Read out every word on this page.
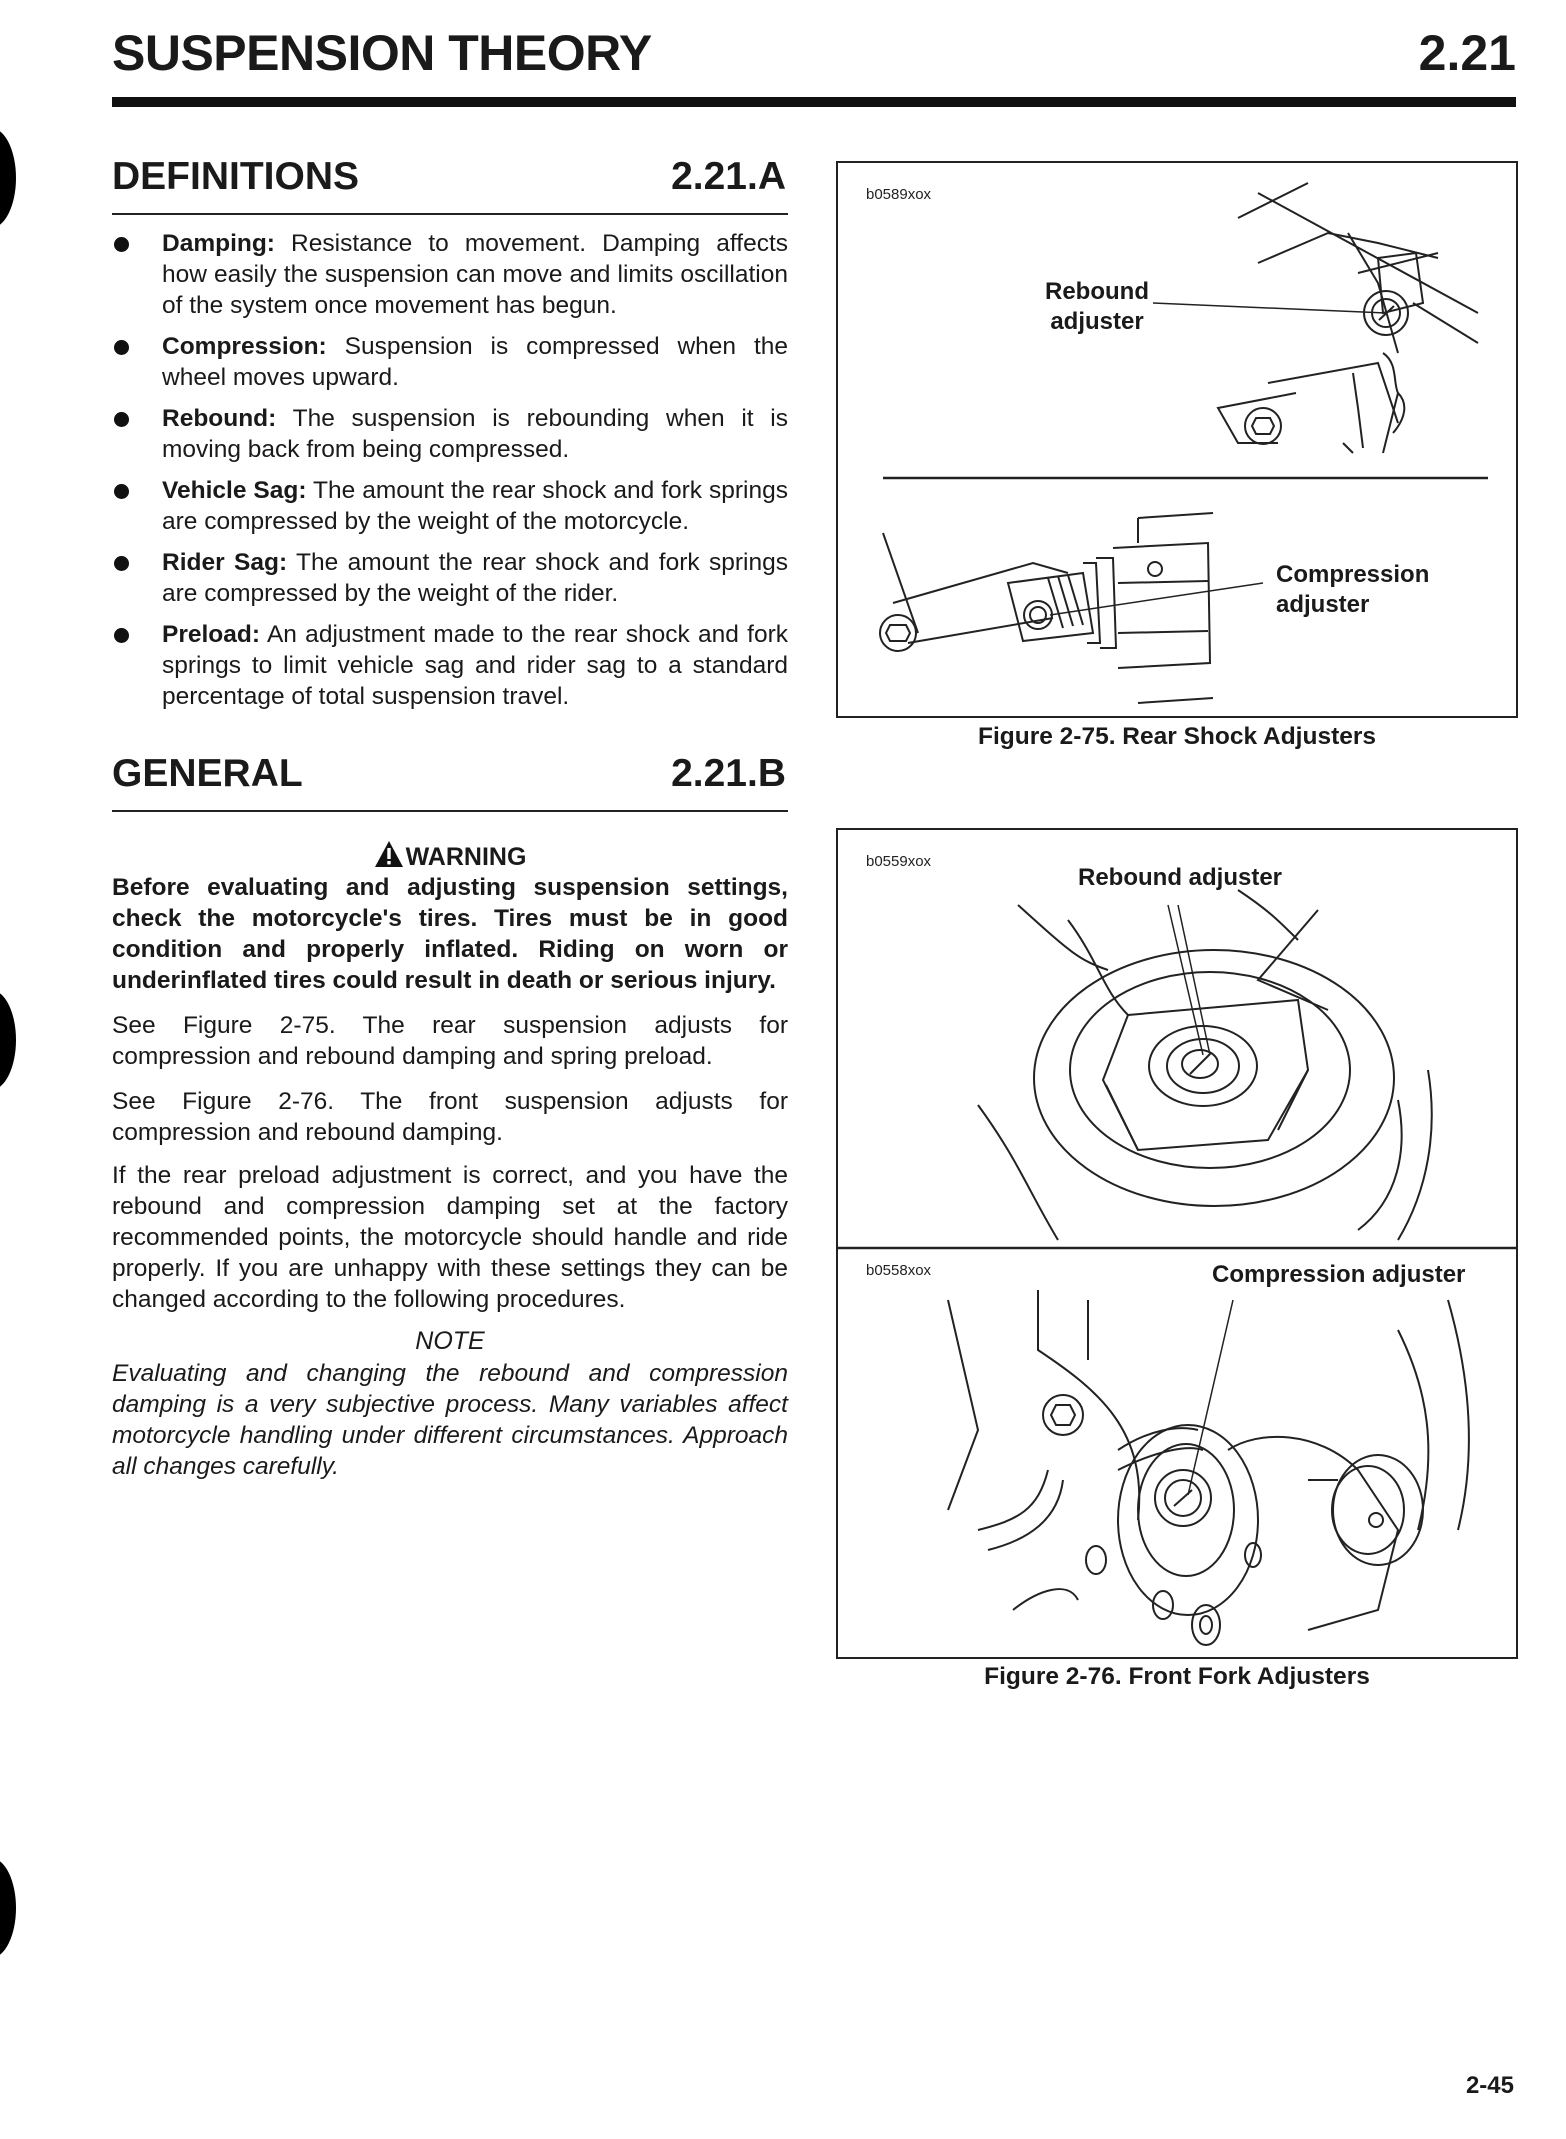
SUSPENSION THEORY	2.21
DEFINITIONS	2.21.A
Damping: Resistance to movement. Damping affects how easily the suspension can move and limits oscillation of the system once movement has begun.
Compression: Suspension is compressed when the wheel moves upward.
Rebound: The suspension is rebounding when it is moving back from being compressed.
Vehicle Sag: The amount the rear shock and fork springs are compressed by the weight of the motorcycle.
Rider Sag: The amount the rear shock and fork springs are compressed by the weight of the rider.
Preload: An adjustment made to the rear shock and fork springs to limit vehicle sag and rider sag to a standard percentage of total suspension travel.
GENERAL	2.21.B
WARNING
Before evaluating and adjusting suspension settings, check the motorcycle's tires. Tires must be in good condition and properly inflated. Riding on worn or underinflated tires could result in death or serious injury.

See Figure 2-75. The rear suspension adjusts for compression and rebound damping and spring preload.

See Figure 2-76. The front suspension adjusts for compression and rebound damping.

If the rear preload adjustment is correct, and you have the rebound and compression damping set at the factory recommended points, the motorcycle should handle and ride properly. If you are unhappy with these settings they can be changed according to the following procedures.

NOTE
Evaluating and changing the rebound and compression damping is a very subjective process. Many variables affect motorcycle handling under different circumstances. Approach all changes carefully.
b0589xox
Rebound
adjuster
Compression
adjuster
Figure 2-75. Rear Shock Adjusters
b0559xox
Rebound adjuster
b0558xox	Compression adjuster
Figure 2-76. Front Fork Adjusters
2-45
